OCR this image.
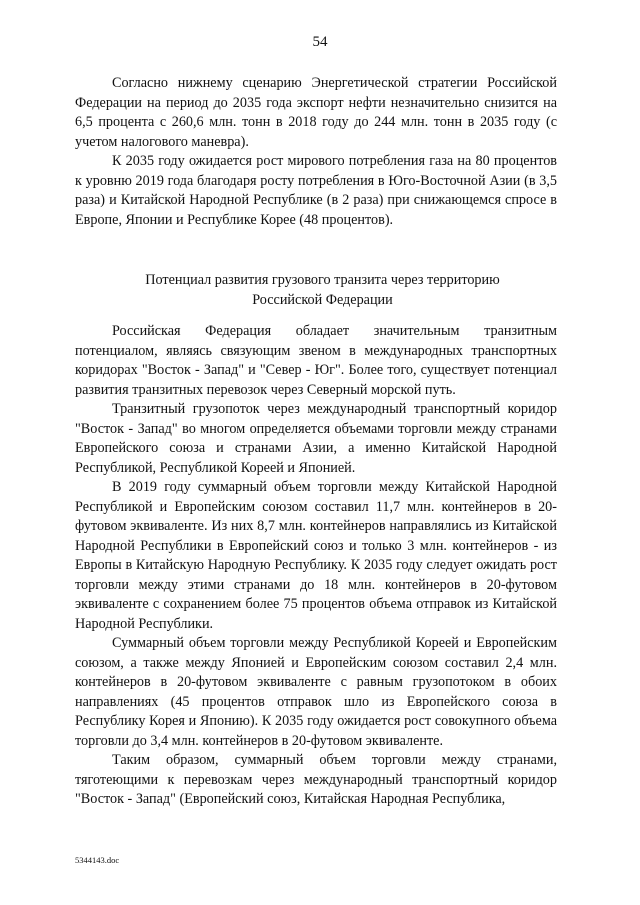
54

Согласно нижнему сценарию Энергетической стратегии Российской Федерации на период до 2035 года экспорт нефти незначительно снизится на 6,5 процента с 260,6 млн. тонн в 2018 году до 244 млн. тонн в 2035 году (с учетом налогового маневра).

К 2035 году ожидается рост мирового потребления газа на 80 процентов к уровню 2019 года благодаря росту потребления в Юго-Восточной Азии (в 3,5 раза) и Китайской Народной Республике (в 2 раза) при снижающемся спросе в Европе, Японии и Республике Корее (48 процентов).

Потенциал развития грузового транзита через территорию
Российской Федерации

Российская Федерация обладает значительным транзитным потенциалом, являясь связующим звеном в международных транспортных коридорах "Восток - Запад" и "Север - Юг". Более того, существует потенциал развития транзитных перевозок через Северный морской путь.

Транзитный грузопоток через международный транспортный коридор "Восток - Запад" во многом определяется объемами торговли между странами Европейского союза и странами Азии, а именно Китайской Народной Республикой, Республикой Кореей и Японией.

В 2019 году суммарный объем торговли между Китайской Народной Республикой и Европейским союзом составил 11,7 млн. контейнеров в 20-футовом эквиваленте. Из них 8,7 млн. контейнеров направлялись из Китайской Народной Республики в Европейский союз и только 3 млн. контейнеров - из Европы в Китайскую Народную Республику. К 2035 году следует ожидать рост торговли между этими странами до 18 млн. контейнеров в 20-футовом эквиваленте с сохранением более 75 процентов объема отправок из Китайской Народной Республики.

Суммарный объем торговли между Республикой Кореей и Европейским союзом, а также между Японией и Европейским союзом составил 2,4 млн. контейнеров в 20-футовом эквиваленте с равным грузопотоком в обоих направлениях (45 процентов отправок шло из Европейского союза в Республику Корея и Японию). К 2035 году ожидается рост совокупного объема торговли до 3,4 млн. контейнеров в 20-футовом эквиваленте.

Таким образом, суммарный объем торговли между странами, тяготеющими к перевозкам через международный транспортный коридор "Восток - Запад" (Европейский союз, Китайская Народная Республика,

5344143.doc
